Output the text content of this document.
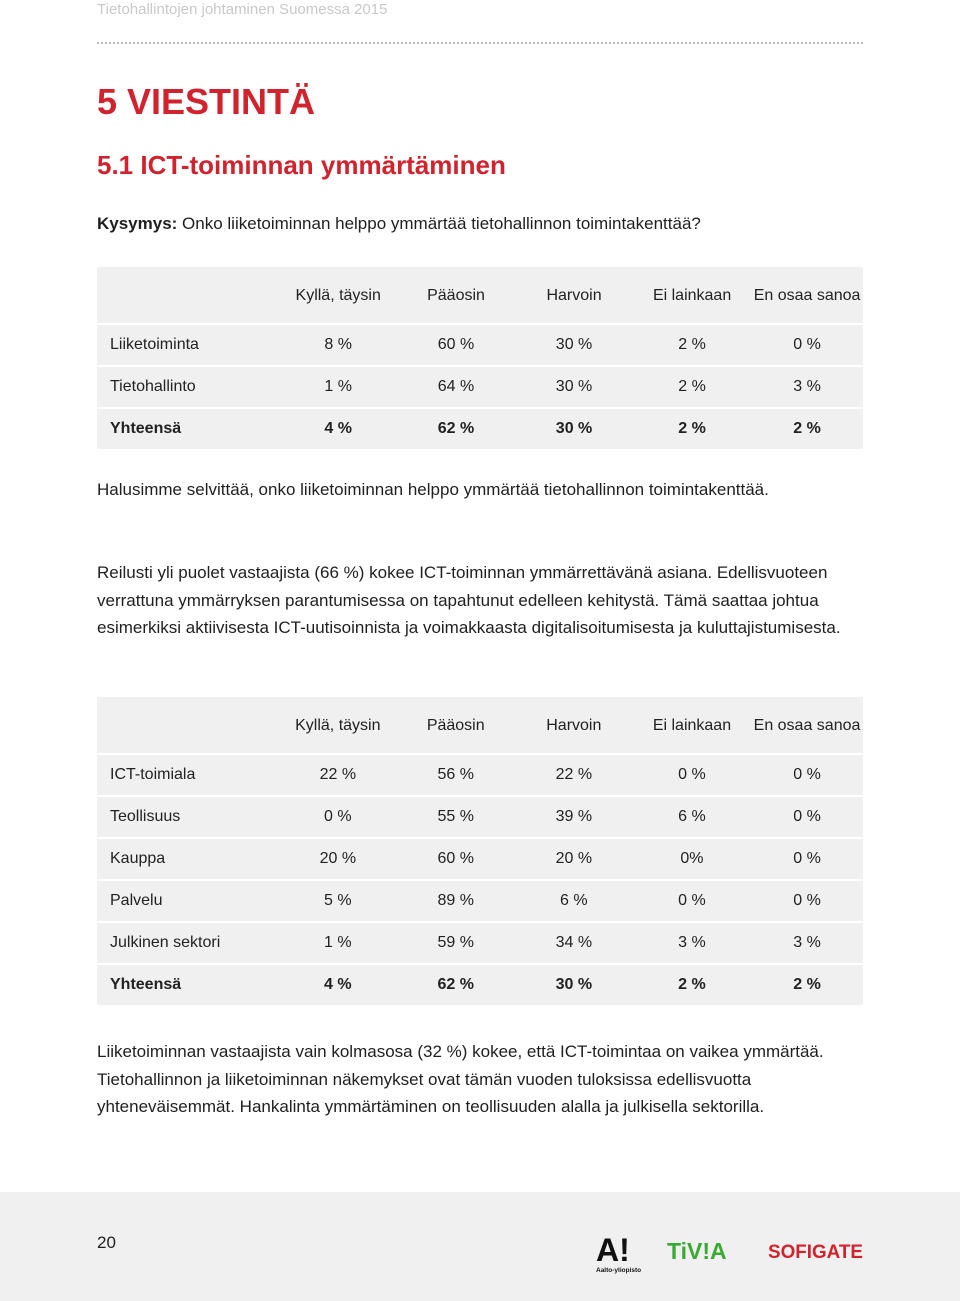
Tietohallintojen johtaminen Suomessa 2015
5 VIESTINTÄ
5.1 ICT-toiminnan ymmärtäminen

Kysymys: Onko liiketoiminnan helppo ymmärtää tietohallinnon toimintakenttää?

	Kyllä, täysin	Pääosin	Harvoin	Ei lainkaan	En osaa sanoa
Liiketoiminta	8 %	60 %	30 %	2 %	0 %
Tietohallinto	1 %	64 %	30 %	2 %	3 %
Yhteensä	4 %	62 %	30 %	2 %	2 %

Halusimme selvittää, onko liiketoiminnan helppo ymmärtää tietohallinnon toimintakenttää.

Reilusti yli puolet vastaajista (66 %) kokee ICT-toiminnan ymmärrettävänä asiana. Edellisvuoteen verrattuna ymmärryksen parantumisessa on tapahtunut edelleen kehitystä. Tämä saattaa johtua esimerkiksi aktiivisesta ICT-uutisoinnista ja voimakkaasta digitalisoitumisesta ja kuluttajistumisesta.

	Kyllä, täysin	Pääosin	Harvoin	Ei lainkaan	En osaa sanoa
ICT-toimiala	22 %	56 %	22 %	0 %	0 %
Teollisuus	0 %	55 %	39 %	6 %	0 %
Kauppa	20 %	60 %	20 %	0%	0 %
Palvelu	5 %	89 %	6 %	0 %	0 %
Julkinen sektori	1 %	59 %	34 %	3 %	3 %
Yhteensä	4 %	62 %	30 %	2 %	2 %

Liiketoiminnan vastaajista vain kolmasosa (32 %) kokee, että ICT-toimintaa on vaikea ymmärtää. Tietohallinnon ja liiketoiminnan näkemykset ovat tämän vuoden tuloksissa edellisvuotta yhteneväisemmät. Hankalinta ymmärtäminen on teollisuuden alalla ja julkisella sektorilla.

20	A!
Aalto-yliopisto
TiV!A SOFIGATE
